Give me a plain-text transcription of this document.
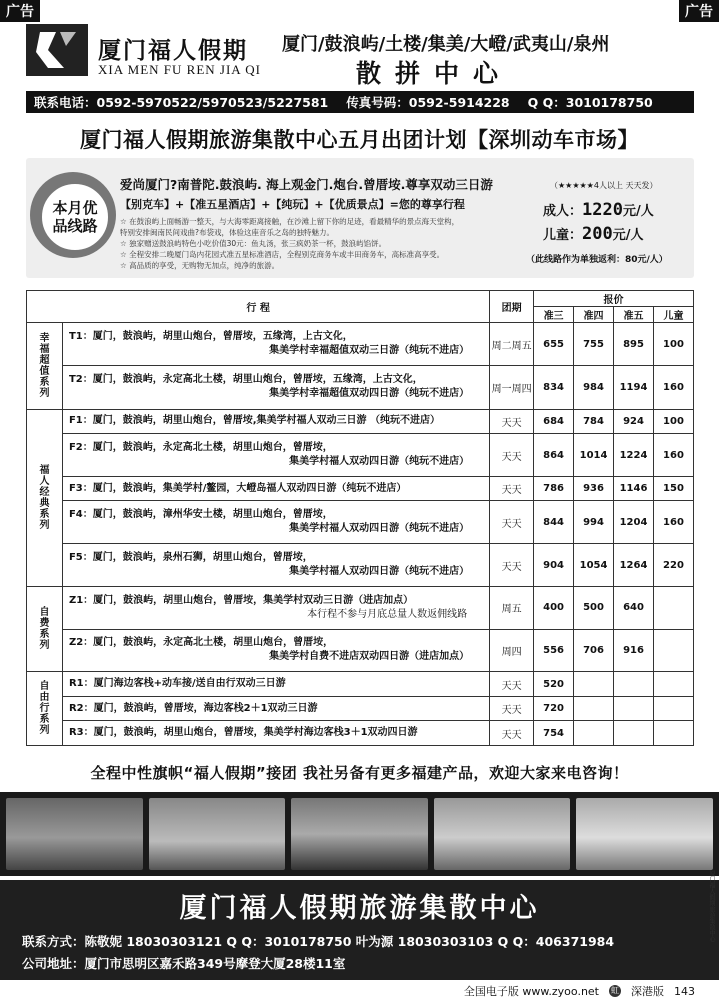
广告	广告
厦门福人假期
XIA MEN FU REN JIA QI
厦门/鼓浪屿/土楼/集美/大嶝/武夷山/泉州
散拼中心
联系电话：0592-5970522/5970523/5227581 传真号码：0592-5914228 Q Q：3010178750
厦门福人假期旅游集散中心五月出团计划【深圳动车市场】
本月优品线路
爱尚厦门?南普陀.鼓浪屿. 海上观金门.炮台.曾厝垵.尊享双动三日游	（★★★★★4人以上 天天发）
【别克车】+【准五星酒店】+【纯玩】+【优质景点】=您的尊享行程
☆ 在鼓浪屿上面畅游一整天，与大海零距离接触，在沙滩上留下你的足迹，看最精华的景点海天堂构，
特别安排闽南民间戏曲?布袋戏，体验这座音乐之岛的独特魅力。
☆ 独家赠送鼓浪屿特色小吃价值30元：鱼丸汤，张三疯奶茶一杯，鼓浪屿馅饼。
☆ 全程安排二晚厦门岛内花园式准五星标准酒店，全程别克商务车或丰田商务车，高标准高享受。
☆ 高品质的享受，无购物无加点，纯净的旅游。
成人：1220元/人
儿童：200元/人
（此线路作为单独返利：80元/人）
行 程		团期	报价			
			准三	准四	准五	儿童
幸福超值系列	T1：厦门，鼓浪屿，胡里山炮台，曾厝垵，五缘湾，上古文化，
集美学村幸福超值双动三日游（纯玩不进店）	周二周五	655	755	895	100
	T2：厦门，鼓浪屿，永定高北土楼，胡里山炮台，曾厝垵，五缘湾，上古文化，
集美学村幸福超值双动四日游（纯玩不进店）	周一周四	834	984	1194	160
福人经典系列	F1：厦门，鼓浪屿，胡里山炮台，曾厝垵,集美学村福人双动三日游 （纯玩不进店）	天天	684	784	924	100
	F2：厦门，鼓浪屿，永定高北土楼，胡里山炮台，曾厝垵，
集美学村福人双动四日游（纯玩不进店）	天天	864	1014	1224	160
	F3：厦门，鼓浪屿，集美学村/鳌园，大嶝岛福人双动四日游（纯玩不进店）	天天	786	936	1146	150
	F4：厦门，鼓浪屿，漳州华安土楼，胡里山炮台，曾厝垵，
集美学村福人双动四日游（纯玩不进店）	天天	844	994	1204	160
	F5：厦门，鼓浪屿，泉州石狮，胡里山炮台，曾厝垵，
集美学村福人双动四日游（纯玩不进店）	天天	904	1054	1264	220
自费系列	Z1：厦门，鼓浪屿，胡里山炮台，曾厝垵，集美学村双动三日游（进店加点）
本行程不参与月底总量人数返佣线路	周五	400	500	640	
	Z2：厦门，鼓浪屿，永定高北土楼，胡里山炮台，曾厝垵，
集美学村自费不进店双动四日游（进店加点）	周四	556	706	916	
自由行系列	R1：厦门海边客栈+动车接/送自由行双动三日游	天天	520			
	R2：厦门，鼓浪屿，曾厝垵，海边客栈2＋1双动三日游	天天	720			
	R3：厦门，鼓浪屿，胡里山炮台，曾厝垵，集美学村海边客栈3＋1双动四日游	天天	754			
全程中性旗帜“福人假期”接团 我社另备有更多福建产品，欢迎大家来电咨询！
厦门福人假期旅游集散中心
联系方式：陈敬妮 18030303121 Q Q：3010178750 叶为源 18030303103 Q Q：406371984
公司地址：厦门市思明区嘉禾路349号摩登大厦28楼11室
厦门福人假期旅游集散中心
全国电子版 www.zyoo.net 虹 深港版 143
